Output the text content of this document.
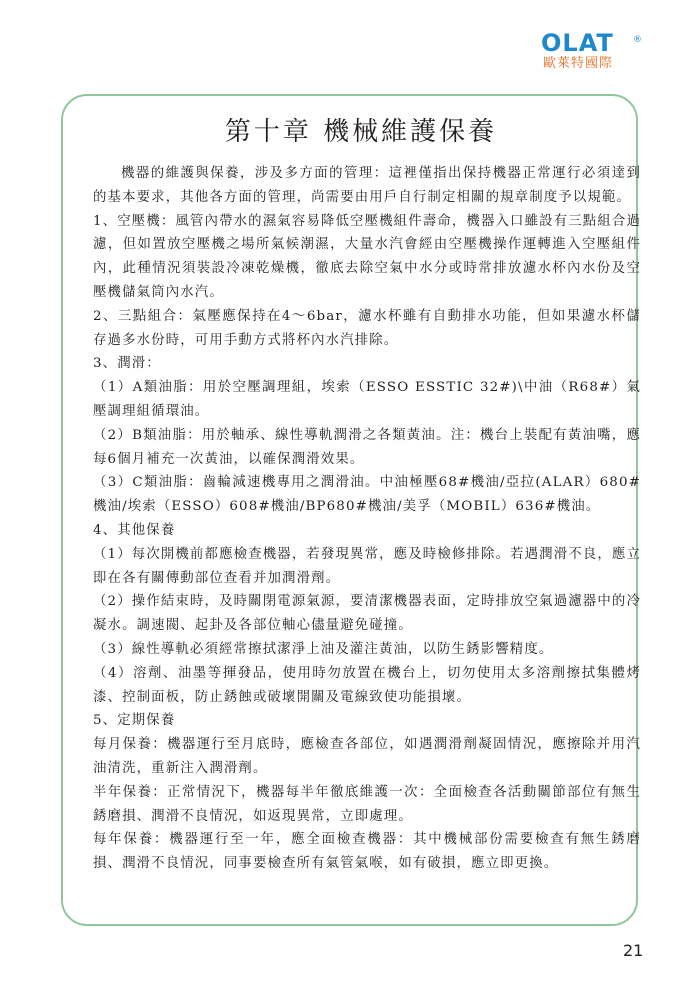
OLAT ®
歐萊特國際
第十章 機械維護保養

機器的維護與保養，涉及多方面的管理：這裡僅指出保持機器正常運行必須達到的基本要求，其他各方面的管理，尚需要由用戶自行制定相關的規章制度予以規範。

1、空壓機：風管內帶水的濕氣容易降低空壓機組件壽命，機器入口雖設有三點組合過濾，但如置放空壓機之場所氣候潮濕，大量水汽會經由空壓機操作運轉進入空壓組件內，此種情況須裝設冷凍乾燥機，徹底去除空氣中水分或時常排放濾水杯內水份及空壓機儲氣筒內水汽。

2、三點組合：氣壓應保持在4～6bar，濾水杯雖有自動排水功能，但如果濾水杯儲存過多水份時，可用手動方式將杯內水汽排除。

3、潤滑：

（1）A類油脂：用於空壓調理組，埃索（ESSO ESSTIC 32#)\中油（R68#）氣壓調理組循環油。

（2）B類油脂：用於軸承、線性導軌潤滑之各類黃油。注：機台上裝配有黃油嘴，應每6個月補充一次黃油，以確保潤滑效果。

（3）C類油脂：齒輪減速機專用之潤滑油。中油極壓68#機油/亞拉(ALAR）680#機油/埃索（ESSO）608#機油/BP680#機油/美孚（MOBIL）636#機油。

4、其他保養

（1）每次開機前都應檢查機器，若發現異常，應及時檢修排除。若遇潤滑不良，應立即在各有關傳動部位查看并加潤滑劑。

（2）操作結束時，及時關閉電源氣源，要清潔機器表面，定時排放空氣過濾器中的冷凝水。調速閥、起卦及各部位軸心儘量避免碰撞。

（3）線性導軌必須經常擦拭潔淨上油及灌注黃油，以防生銹影響精度。

（4）溶劑、油墨等揮發品，使用時勿放置在機台上，切勿使用太多溶劑擦拭集體烤漆、控制面板，防止銹蝕或破壞開關及電線致使功能損壞。

5、定期保養

每月保養：機器運行至月底時，應檢查各部位，如遇潤滑劑凝固情況，應擦除并用汽油清洗，重新注入潤滑劑。

半年保養：正常情況下，機器每半年徹底維護一次：全面檢查各活動關節部位有無生銹磨損、潤滑不良情況，如返現異常，立即處理。

每年保養：機器運行至一年，應全面檢查機器：其中機械部份需要檢查有無生銹磨損、潤滑不良情況，同事要檢查所有氣管氣喉，如有破損，應立即更換。

21
